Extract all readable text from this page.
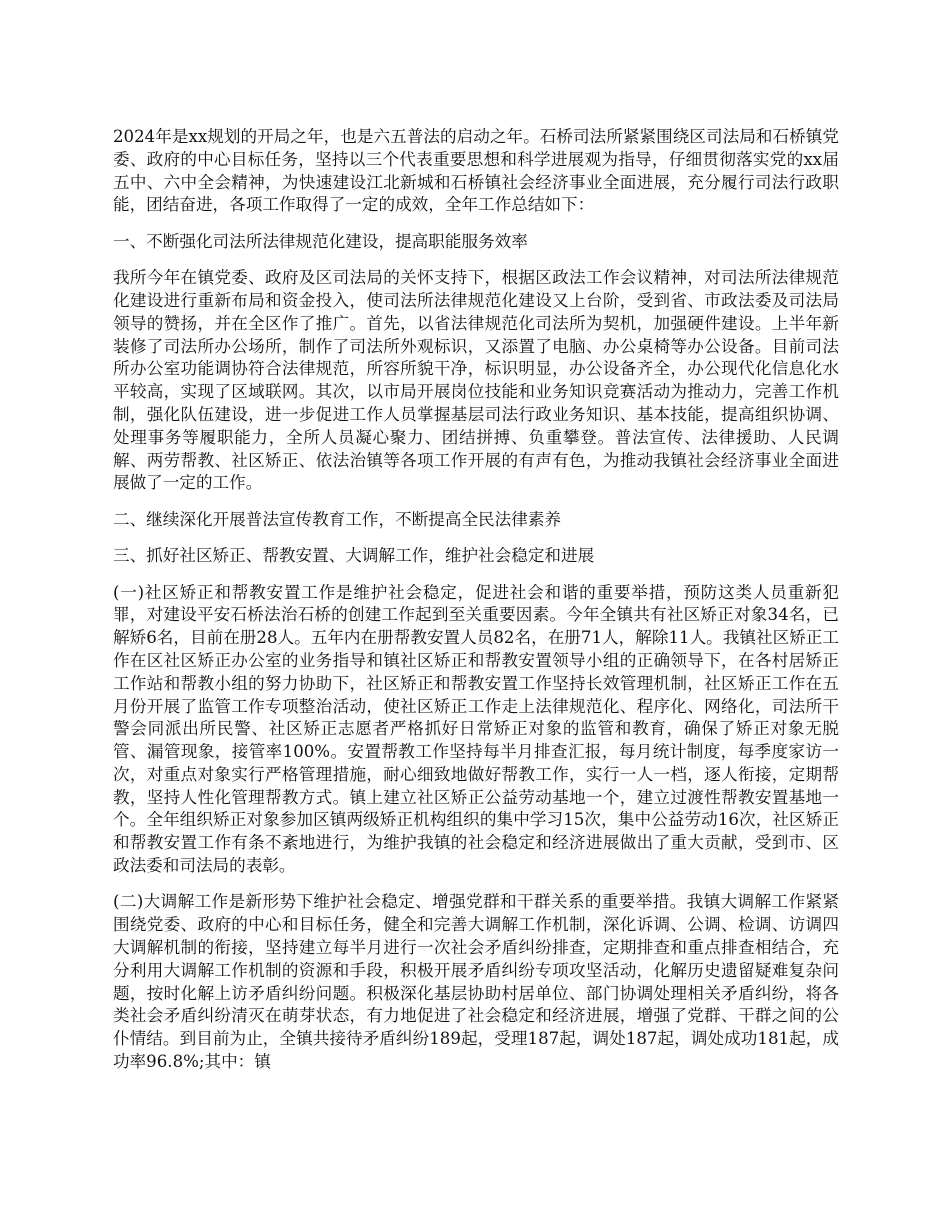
2024年是xx规划的开局之年，也是六五普法的启动之年。石桥司法所紧紧围绕区司法局和石桥镇党委、政府的中心目标任务，坚持以三个代表重要思想和科学进展观为指导，仔细贯彻落实党的xx届五中、六中全会精神，为快速建设江北新城和石桥镇社会经济事业全面进展，充分履行司法行政职能，团结奋进，各项工作取得了一定的成效，全年工作总结如下：

一、不断强化司法所法律规范化建设，提高职能服务效率

我所今年在镇党委、政府及区司法局的关怀支持下，根据区政法工作会议精神，对司法所法律规范化建设进行重新布局和资金投入，使司法所法律规范化建设又上台阶，受到省、市政法委及司法局领导的赞扬，并在全区作了推广。首先，以省法律规范化司法所为契机，加强硬件建设。上半年新装修了司法所办公场所，制作了司法所外观标识，又添置了电脑、办公桌椅等办公设备。目前司法所办公室功能调协符合法律规范，所容所貌干净，标识明显，办公设备齐全，办公现代化信息化水平较高，实现了区域联网。其次，以市局开展岗位技能和业务知识竞赛活动为推动力，完善工作机制，强化队伍建设，进一步促进工作人员掌握基层司法行政业务知识、基本技能，提高组织协调、处理事务等履职能力，全所人员凝心聚力、团结拼搏、负重攀登。普法宣传、法律援助、人民调解、两劳帮教、社区矫正、依法治镇等各项工作开展的有声有色，为推动我镇社会经济事业全面进展做了一定的工作。

二、继续深化开展普法宣传教育工作，不断提高全民法律素养

三、抓好社区矫正、帮教安置、大调解工作，维护社会稳定和进展

(一)社区矫正和帮教安置工作是维护社会稳定，促进社会和谐的重要举措，预防这类人员重新犯罪，对建设平安石桥法治石桥的创建工作起到至关重要因素。今年全镇共有社区矫正对象34名，已解矫6名，目前在册28人。五年内在册帮教安置人员82名，在册71人，解除11人。我镇社区矫正工作在区社区矫正办公室的业务指导和镇社区矫正和帮教安置领导小组的正确领导下，在各村居矫正工作站和帮教小组的努力协助下，社区矫正和帮教安置工作坚持长效管理机制，社区矫正工作在五月份开展了监管工作专项整治活动，使社区矫正工作走上法律规范化、程序化、网络化，司法所干警会同派出所民警、社区矫正志愿者严格抓好日常矫正对象的监管和教育，确保了矫正对象无脱管、漏管现象，接管率100%。安置帮教工作坚持每半月排查汇报，每月统计制度，每季度家访一次，对重点对象实行严格管理措施，耐心细致地做好帮教工作，实行一人一档，逐人衔接，定期帮教，坚持人性化管理帮教方式。镇上建立社区矫正公益劳动基地一个，建立过渡性帮教安置基地一个。全年组织矫正对象参加区镇两级矫正机构组织的集中学习15次，集中公益劳动16次，社区矫正和帮教安置工作有条不紊地进行，为维护我镇的社会稳定和经济进展做出了重大贡献，受到市、区政法委和司法局的表彰。

(二)大调解工作是新形势下维护社会稳定、增强党群和干群关系的重要举措。我镇大调解工作紧紧围绕党委、政府的中心和目标任务，健全和完善大调解工作机制，深化诉调、公调、检调、访调四大调解机制的衔接，坚持建立每半月进行一次社会矛盾纠纷排查，定期排查和重点排查相结合，充分利用大调解工作机制的资源和手段，积极开展矛盾纠纷专项攻坚活动，化解历史遗留疑难复杂问题，按时化解上访矛盾纠纷问题。积极深化基层协助村居单位、部门协调处理相关矛盾纠纷，将各类社会矛盾纠纷清灭在萌芽状态，有力地促进了社会稳定和经济进展，增强了党群、干群之间的公仆情结。到目前为止，全镇共接待矛盾纠纷189起，受理187起，调处187起，调处成功181起，成功率96.8%;其中：镇
